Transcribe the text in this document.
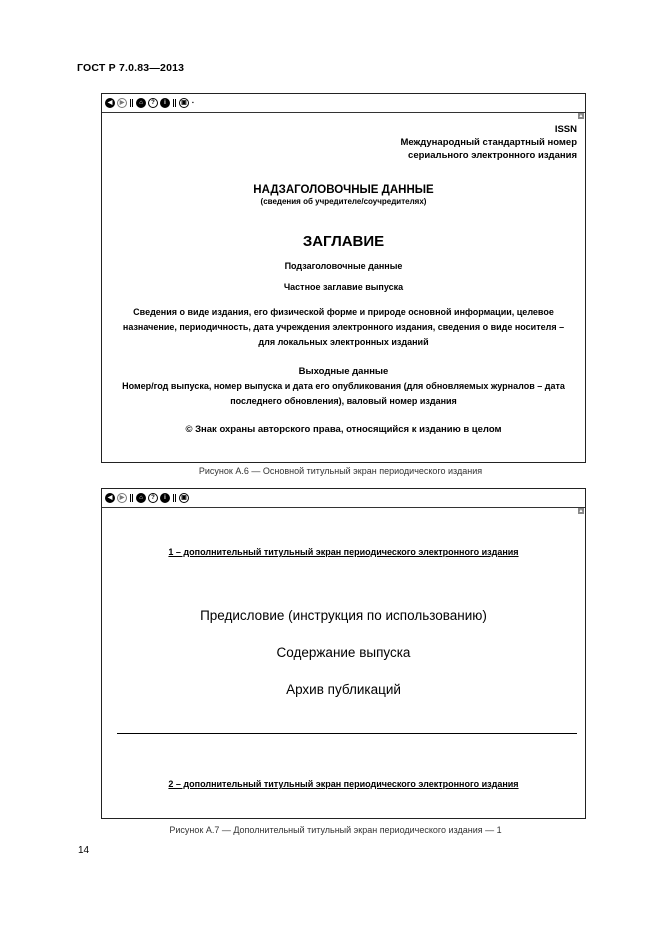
ГОСТ Р 7.0.83—2013
◀	▶	⌂	?	i	▣	▪
▲
ISSN
Международный стандартный номер
сериального электронного издания
НАДЗАГОЛОВОЧНЫЕ ДАННЫЕ
(сведения об учредителе/соучредителях)
ЗАГЛАВИЕ
Подзаголовочные данные
Частное заглавие выпуска
Сведения о виде издания, его физической форме и природе основной информации, целевое назначение, периодичность, дата учреждения электронного издания, сведения о виде носителя – для локальных электронных изданий
Выходные данные
Номер/год выпуска, номер выпуска и дата его опубликования (для обновляемых журналов – дата последнего обновления), валовый номер издания
© Знак охраны авторского права, относящийся к изданию в целом
Рисунок А.6 — Основной титульный экран периодического издания
◀	▶	⌂	?	i	▣
▲
1 – дополнительный титульный экран периодического электронного издания
Предисловие (инструкция по использованию)
Содержание выпуска
Архив публикаций
2 – дополнительный титульный экран периодического электронного издания
Рисунок А.7 — Дополнительный титульный экран периодического издания — 1
14
